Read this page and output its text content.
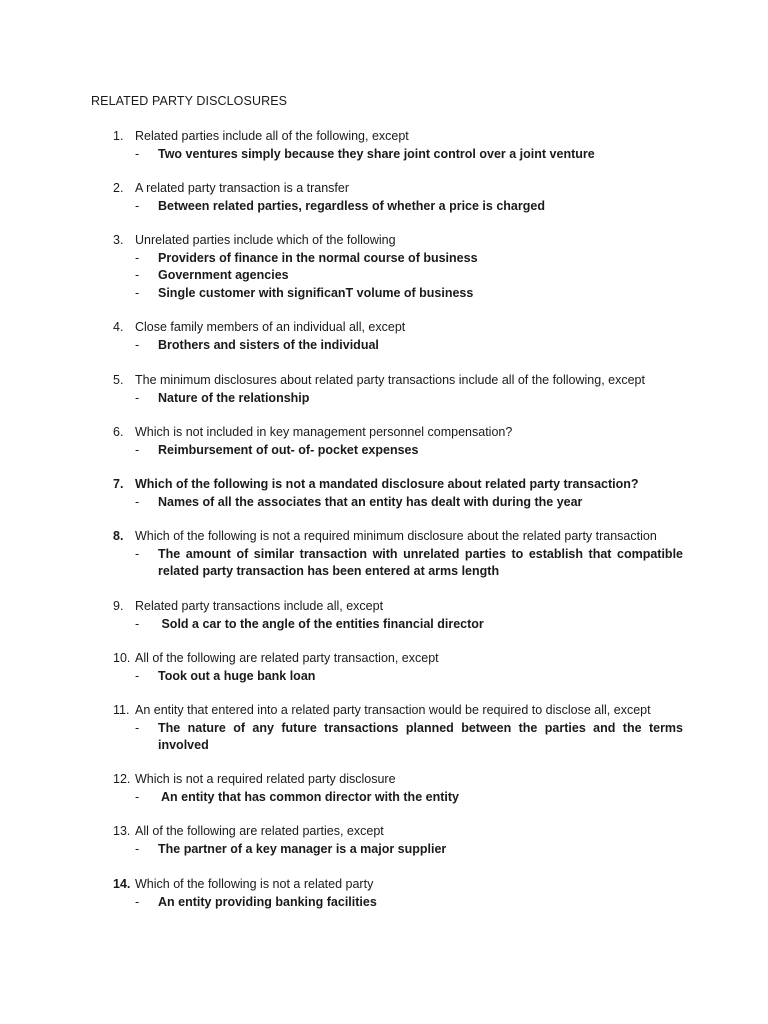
RELATED PARTY DISCLOSURES
1. Related parties include all of the following, except
-	Two ventures simply because they share joint control over a joint venture
2. A related party transaction is a transfer
-	Between related parties, regardless of whether a price is charged
3. Unrelated parties include which of the following
-	Providers of finance in the normal course of business
-	Government agencies
-	Single customer with significanT volume of business
4. Close family members of an individual all, except
-	Brothers and sisters of the individual
5. The minimum disclosures about related party transactions include all of the following, except
-	Nature of the relationship
6. Which is not included in key management personnel compensation?
-	Reimbursement of out- of- pocket expenses
7. Which of the following is not a mandated disclosure about related party transaction?
-	Names of all the associates that an entity has dealt with during the year
8. Which of the following is not a required minimum disclosure about the related party transaction
-	The amount of similar transaction with unrelated parties to establish that compatible related party transaction has been entered at arms length
9. Related party transactions include all, except
-	Sold a car to the angle of the entities financial director
10. All of the following are related party transaction, except
-	Took out a huge bank loan
11. An entity that entered into a related party transaction would be required to disclose all, except
-	The nature of any future transactions planned between the parties and the terms involved
12. Which is not a required related party disclosure
-	An entity that has common director with the entity
13. All of the following are related parties, except
-	The partner of a key manager is a major supplier
14. Which of the following is not a related party
-	An entity providing banking facilities
